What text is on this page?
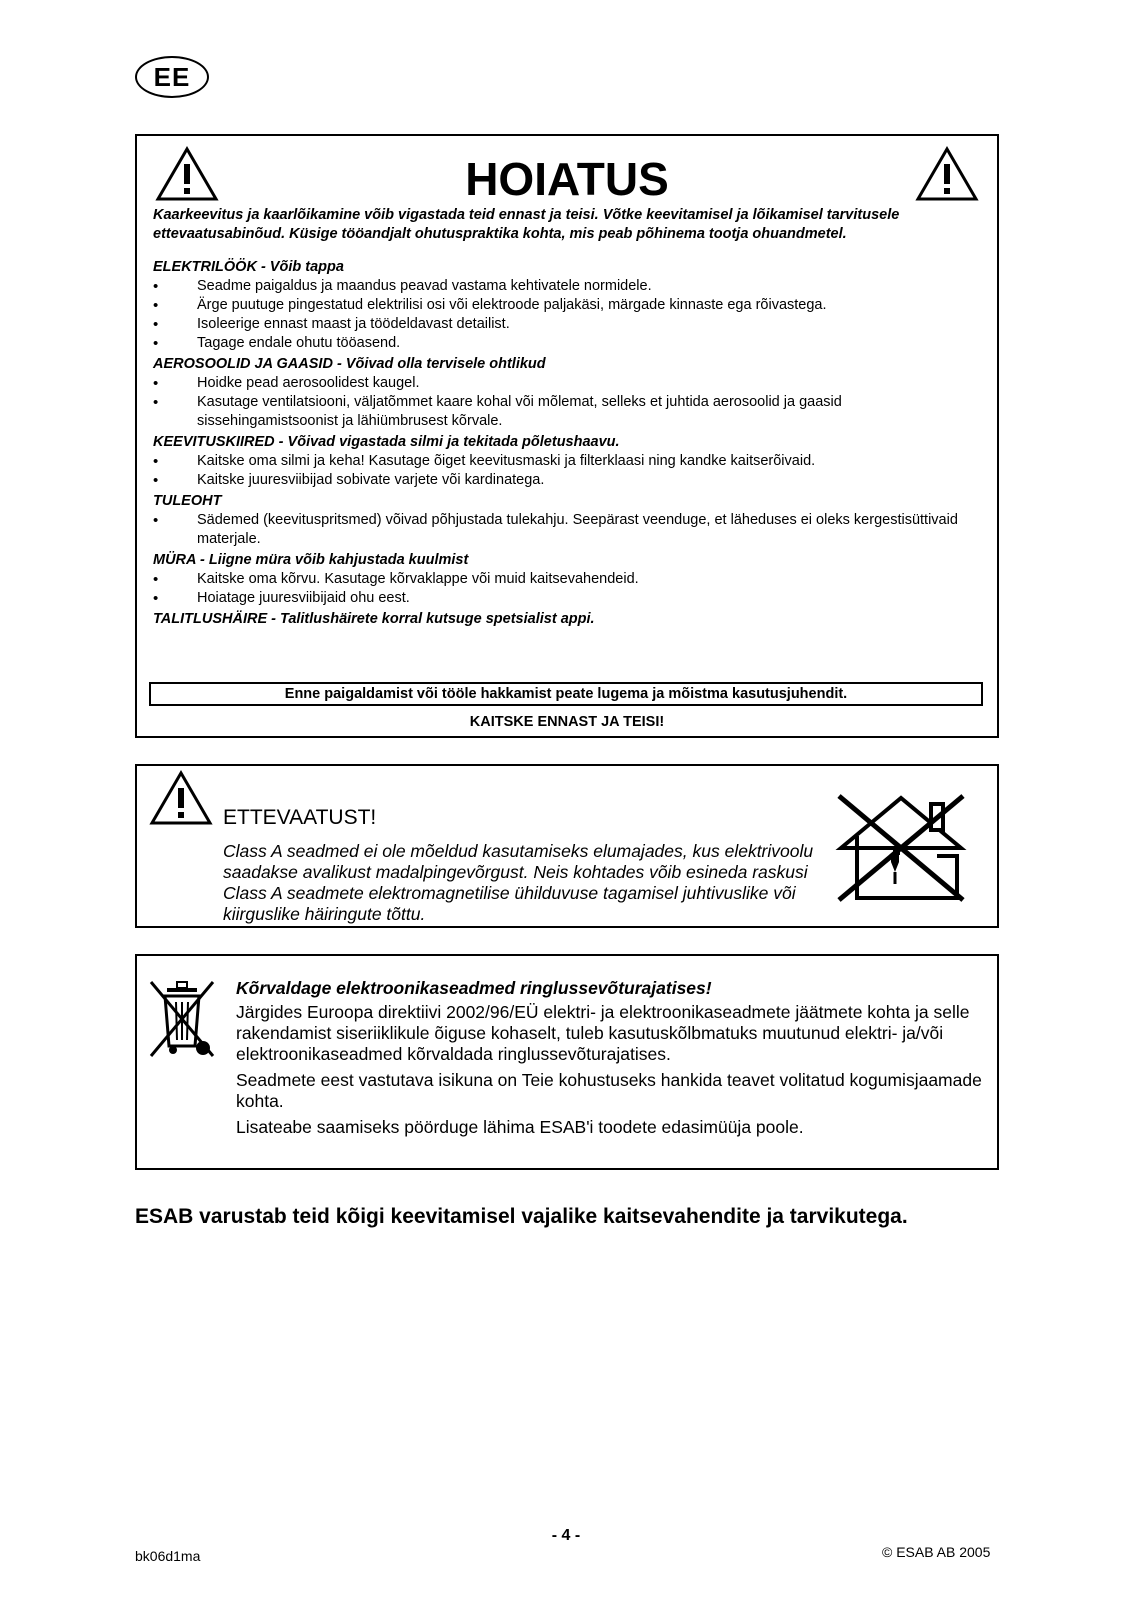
EE
HOIATUS
Kaarkeevitus ja kaarlõikamine võib vigastada teid ennast ja teisi. Võtke keevitamisel ja lõikamisel tarvitusele ettevaatusabinõud. Küsige tööandjalt ohutuspraktika kohta, mis peab põhinema tootja ohuandmetel.
ELEKTRILÖÖK - Võib tappa
• Seadme paigaldus ja maandus peavad vastama kehtivatele normidele.
• Ärge puutuge pingestatud elektrilisi osi või elektroode paljakäsi, märgade kinnaste ega rõivastega.
• Isoleerige ennast maast ja töödeldavast detailist.
• Tagage endale ohutu tööasend.
AEROSOOLID JA GAASID - Võivad olla tervisele ohtlikud
• Hoidke pead aerosoolidest kaugel.
• Kasutage ventilatsiooni, väljatõmmet kaare kohal või mõlemat, selleks et juhtida aerosoolid ja gaasid sissehingamistsoonist ja lähiümbrusest kõrvale.
KEEVITUSKIIRED - Võivad vigastada silmi ja tekitada põletushaavu.
• Kaitske oma silmi ja keha! Kasutage õiget keevitusmaski ja filterklaasi ning kandke kaitserõivaid.
• Kaitske juuresviibijad sobivate varjete või kardinatega.
TULEOHT
• Sädemed (keevituspritsmed) võivad põhjustada tulekahju. Seepärast veenduge, et läheduses ei oleks kergestisüttivaid materjale.
MÜRA - Liigne müra võib kahjustada kuulmist
• Kaitske oma kõrvu. Kasutage kõrvaklappe või muid kaitsevahendeid.
• Hoiatage juuresviibijaid ohu eest.
TALITLUSHÄIRE - Talitlushäirete korral kutsuge spetsialist appi.
Enne paigaldamist või tööle hakkamist peate lugema ja mõistma kasutusjuhendit.
KAITSKE ENNAST JA TEISI!
ETTEVAATUST!
Class A seadmed ei ole mõeldud kasutamiseks elumajades, kus elektrivoolu saadakse avalikust madalpingevõrgust. Neis kohtades võib esineda raskusi Class A seadmete elektromagnetilise ühilduvuse tagamisel juhtivuslike või kiirguslike häiringute tõttu.
Kõrvaldage elektroonikaseadmed ringlussevõturajatises!

Järgides Euroopa direktiivi 2002/96/EÜ elektri- ja elektroonikaseadmete jäätmete kohta ja selle rakendamist siseriiklikule õiguse kohaselt, tuleb kasutuskõlbmatuks muutunud elektri- ja/või elektroonikaseadmed kõrvaldada ringlussevõturajatises.

Seadmete eest vastutava isikuna on Teie kohustuseks hankida teavet volitatud kogumisjaamade kohta.

Lisateabe saamiseks pöörduge lähima ESAB'i toodete edasimüüja poole.

ESAB varustab teid kõigi keevitamisel vajalike kaitsevahendite ja tarvikutega.
- 4 -
bk06d1ma	© ESAB AB 2005
